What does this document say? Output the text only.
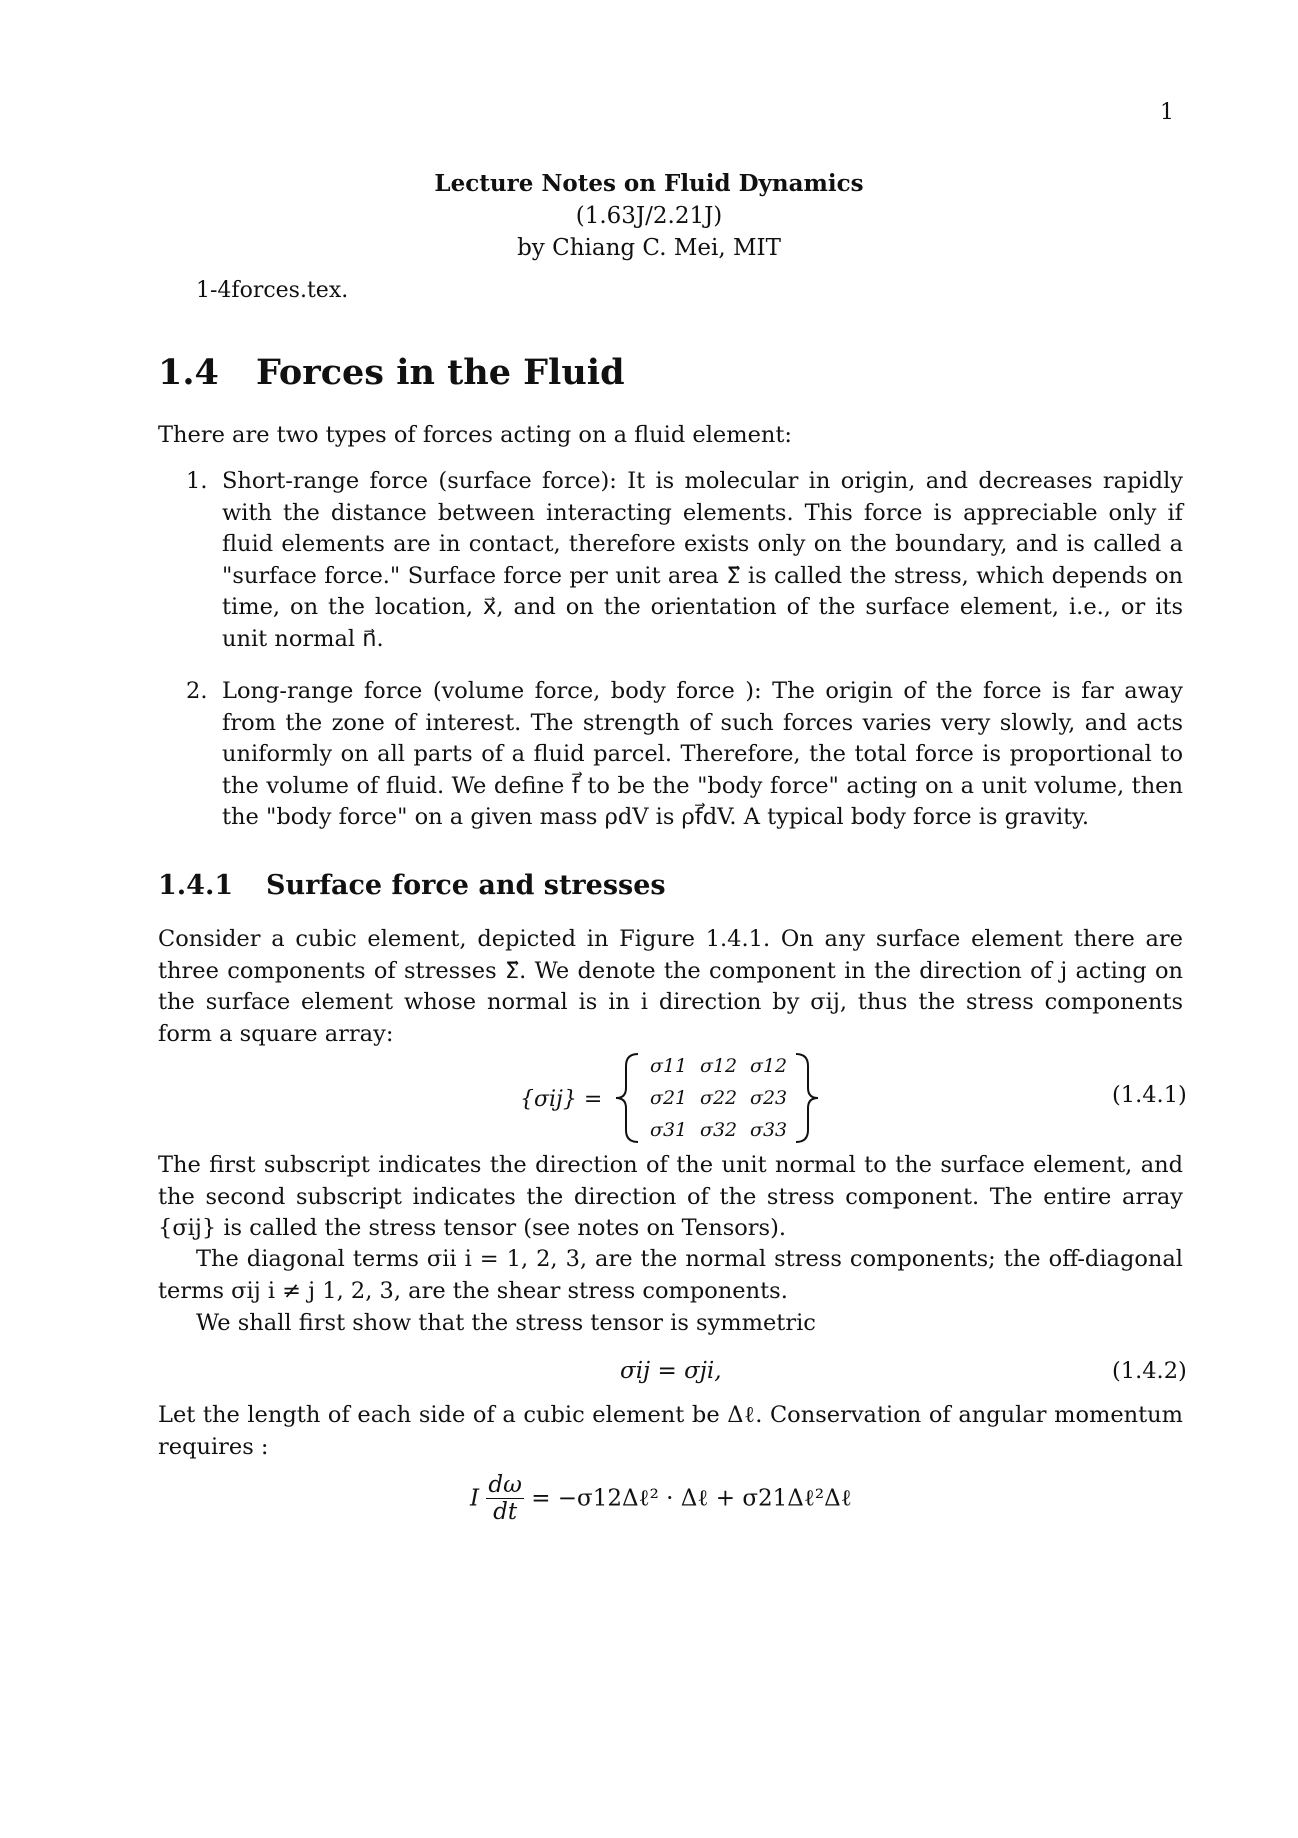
1
Lecture Notes on Fluid Dynamics
(1.63J/2.21J)
by Chiang C. Mei, MIT
1-4forces.tex.
1.4 Forces in the Fluid
There are two types of forces acting on a fluid element:
1. Short-range force (surface force): It is molecular in origin, and decreases rapidly with the distance between interacting elements. This force is appreciable only if fluid elements are in contact, therefore exists only on the boundary, and is called a "surface force." Surface force per unit area Σ⃗ is called the stress, which depends on time, on the location, x⃗, and on the orientation of the surface element, i.e., or its unit normal n⃗.
2. Long-range force (volume force, body force ): The origin of the force is far away from the zone of interest. The strength of such forces varies very slowly, and acts uniformly on all parts of a fluid parcel. Therefore, the total force is proportional to the volume of fluid. We define f⃗ to be the "body force" acting on a unit volume, then the "body force" on a given mass ρdV is ρf⃗dV. A typical body force is gravity.
1.4.1 Surface force and stresses
Consider a cubic element, depicted in Figure 1.4.1. On any surface element there are three components of stresses Σ⃗. We denote the component in the direction of j acting on the surface element whose normal is in i direction by σij, thus the stress components form a square array:
{σij} =
σ11 σ12 σ12
σ21 σ22 σ23
σ31 σ32 σ33
(1.4.1)
The first subscript indicates the direction of the unit normal to the surface element, and the second subscript indicates the direction of the stress component. The entire array {σij} is called the stress tensor (see notes on Tensors).
The diagonal terms σii i = 1, 2, 3, are the normal stress components; the off-diagonal terms σij i ≠ j 1, 2, 3, are the shear stress components.
We shall first show that the stress tensor is symmetric
σij = σji,	(1.4.2)
Let the length of each side of a cubic element be Δℓ. Conservation of angular momentum requires :
I $\frac{d\omega}{dt}$ = −σ12Δℓ² · Δℓ + σ21Δℓ²Δℓ
